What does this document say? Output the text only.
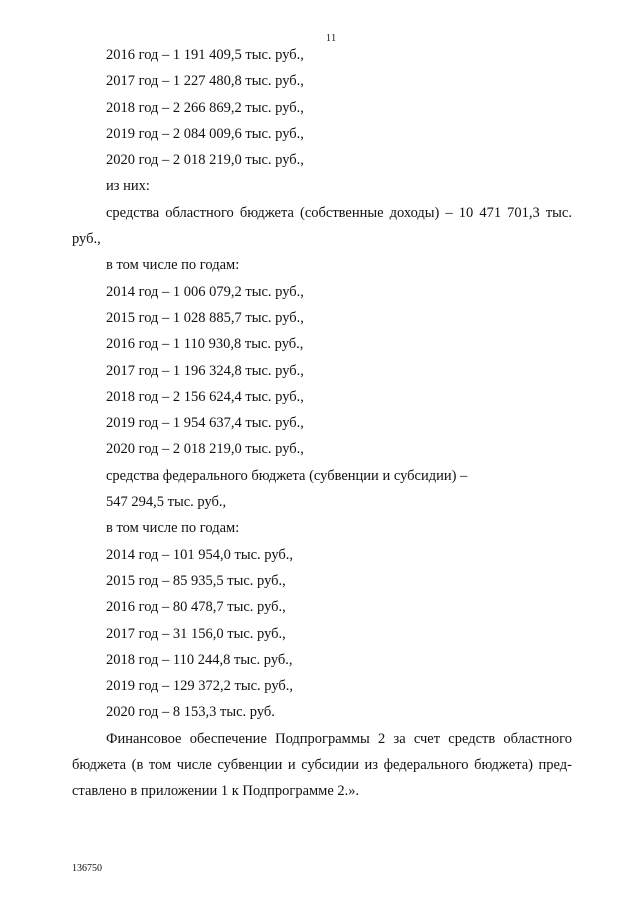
11
2016 год – 1 191 409,5 тыс. руб.,
2017 год – 1 227 480,8 тыс. руб.,
2018 год – 2 266 869,2 тыс. руб.,
2019 год – 2 084 009,6 тыс. руб.,
2020 год – 2 018 219,0 тыс. руб.,
из них:
средства областного бюджета (собственные доходы) – 10 471 701,3 тыс.
руб.,
в том числе по годам:
2014 год – 1 006 079,2 тыс. руб.,
2015 год – 1 028 885,7 тыс. руб.,
2016 год – 1 110 930,8 тыс. руб.,
2017 год – 1 196 324,8 тыс. руб.,
2018 год – 2 156 624,4 тыс. руб.,
2019 год – 1 954 637,4 тыс. руб.,
2020 год – 2 018 219,0 тыс. руб.,
средства федерального бюджета (субвенции и субсидии) –
547 294,5 тыс. руб.,
в том числе по годам:
2014 год – 101 954,0 тыс. руб.,
2015 год – 85 935,5 тыс. руб.,
2016 год – 80 478,7 тыс. руб.,
2017 год – 31 156,0 тыс. руб.,
2018 год – 110 244,8 тыс. руб.,
2019 год – 129 372,2 тыс. руб.,
2020 год – 8 153,3 тыс. руб.
Финансовое обеспечение Подпрограммы 2 за счет средств областного
бюджета (в том числе субвенции и субсидии из федерального бюджета) пред-
ставлено в приложении 1 к Подпрограмме 2.».
136750
